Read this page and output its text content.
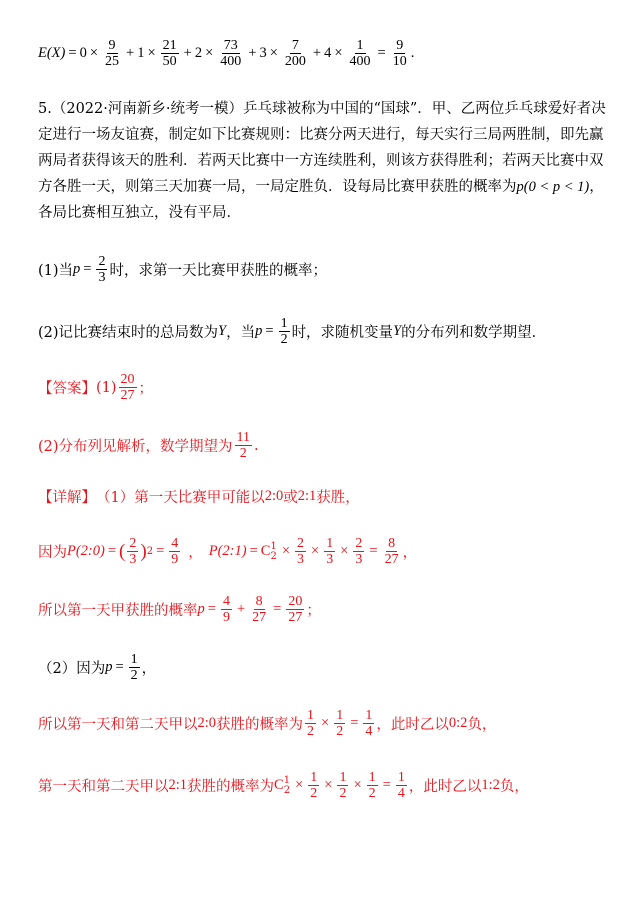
$E(X) = 0 \times \frac{9}{25} + 1 \times \frac{21}{50} + 2 \times \frac{73}{400} + 3 \times \frac{7}{200} + 4 \times \frac{1}{400} = \frac{9}{10}$ .
5.（2022·河南新乡·统考一模）乒乓球被称为中国的“国球”．甲、乙两位乒乓球爱好者决定进行一场友谊赛，制定如下比赛规则：比赛分两天进行，每天实行三局两胜制，即先赢两局者获得该天的胜利．若两天比赛中一方连续胜利，则该方获得胜利；若两天比赛中双方各胜一天，则第三天加赛一局，一局定胜负．设每局比赛甲获胜的概率为p(0 < p < 1)，各局比赛相互独立，没有平局．
(1)当 $p = \frac{2}{3}$ 时，求第一天比赛甲获胜的概率；
(2)记比赛结束时的总局数为 Y ，当 $p = \frac{1}{2}$ 时，求随机变量 Y 的分布列和数学期望．
【答案】 $(1) \frac{20}{27}$ ；
(2)分布列见解析，数学期望为 $\frac{11}{2}$ .
【详解】 （1）第一天比赛甲可能以 2:0 或 2:1 获胜，
因为 P(2:0) = ( $\frac{2}{3}$ ) $2 = \frac{4}{9}$ ， P(2:1) = C 1
$2 \times \frac{2}{3} \times \frac{1}{3} \times \frac{2}{3} = \frac{8}{27}$ ，
所以第一天甲获胜的概率 $p = \frac{4}{9} + \frac{8}{27} = \frac{20}{27}$ ；
（2）因为 $p = \frac{1}{2}$ ，
所以第一天和第二天甲以 2:0 获胜的概率为 $\frac{1}{2} \times \frac{1}{2} = \frac{1}{4}$ ，此时乙以 0:2 负，
第一天和第二天甲以 2:1 获胜的概率为 C 1
$2 \times \frac{1}{2} \times \frac{1}{2} \times \frac{1}{2} = \frac{1}{4}$ ，此时乙以 1:2 负，
